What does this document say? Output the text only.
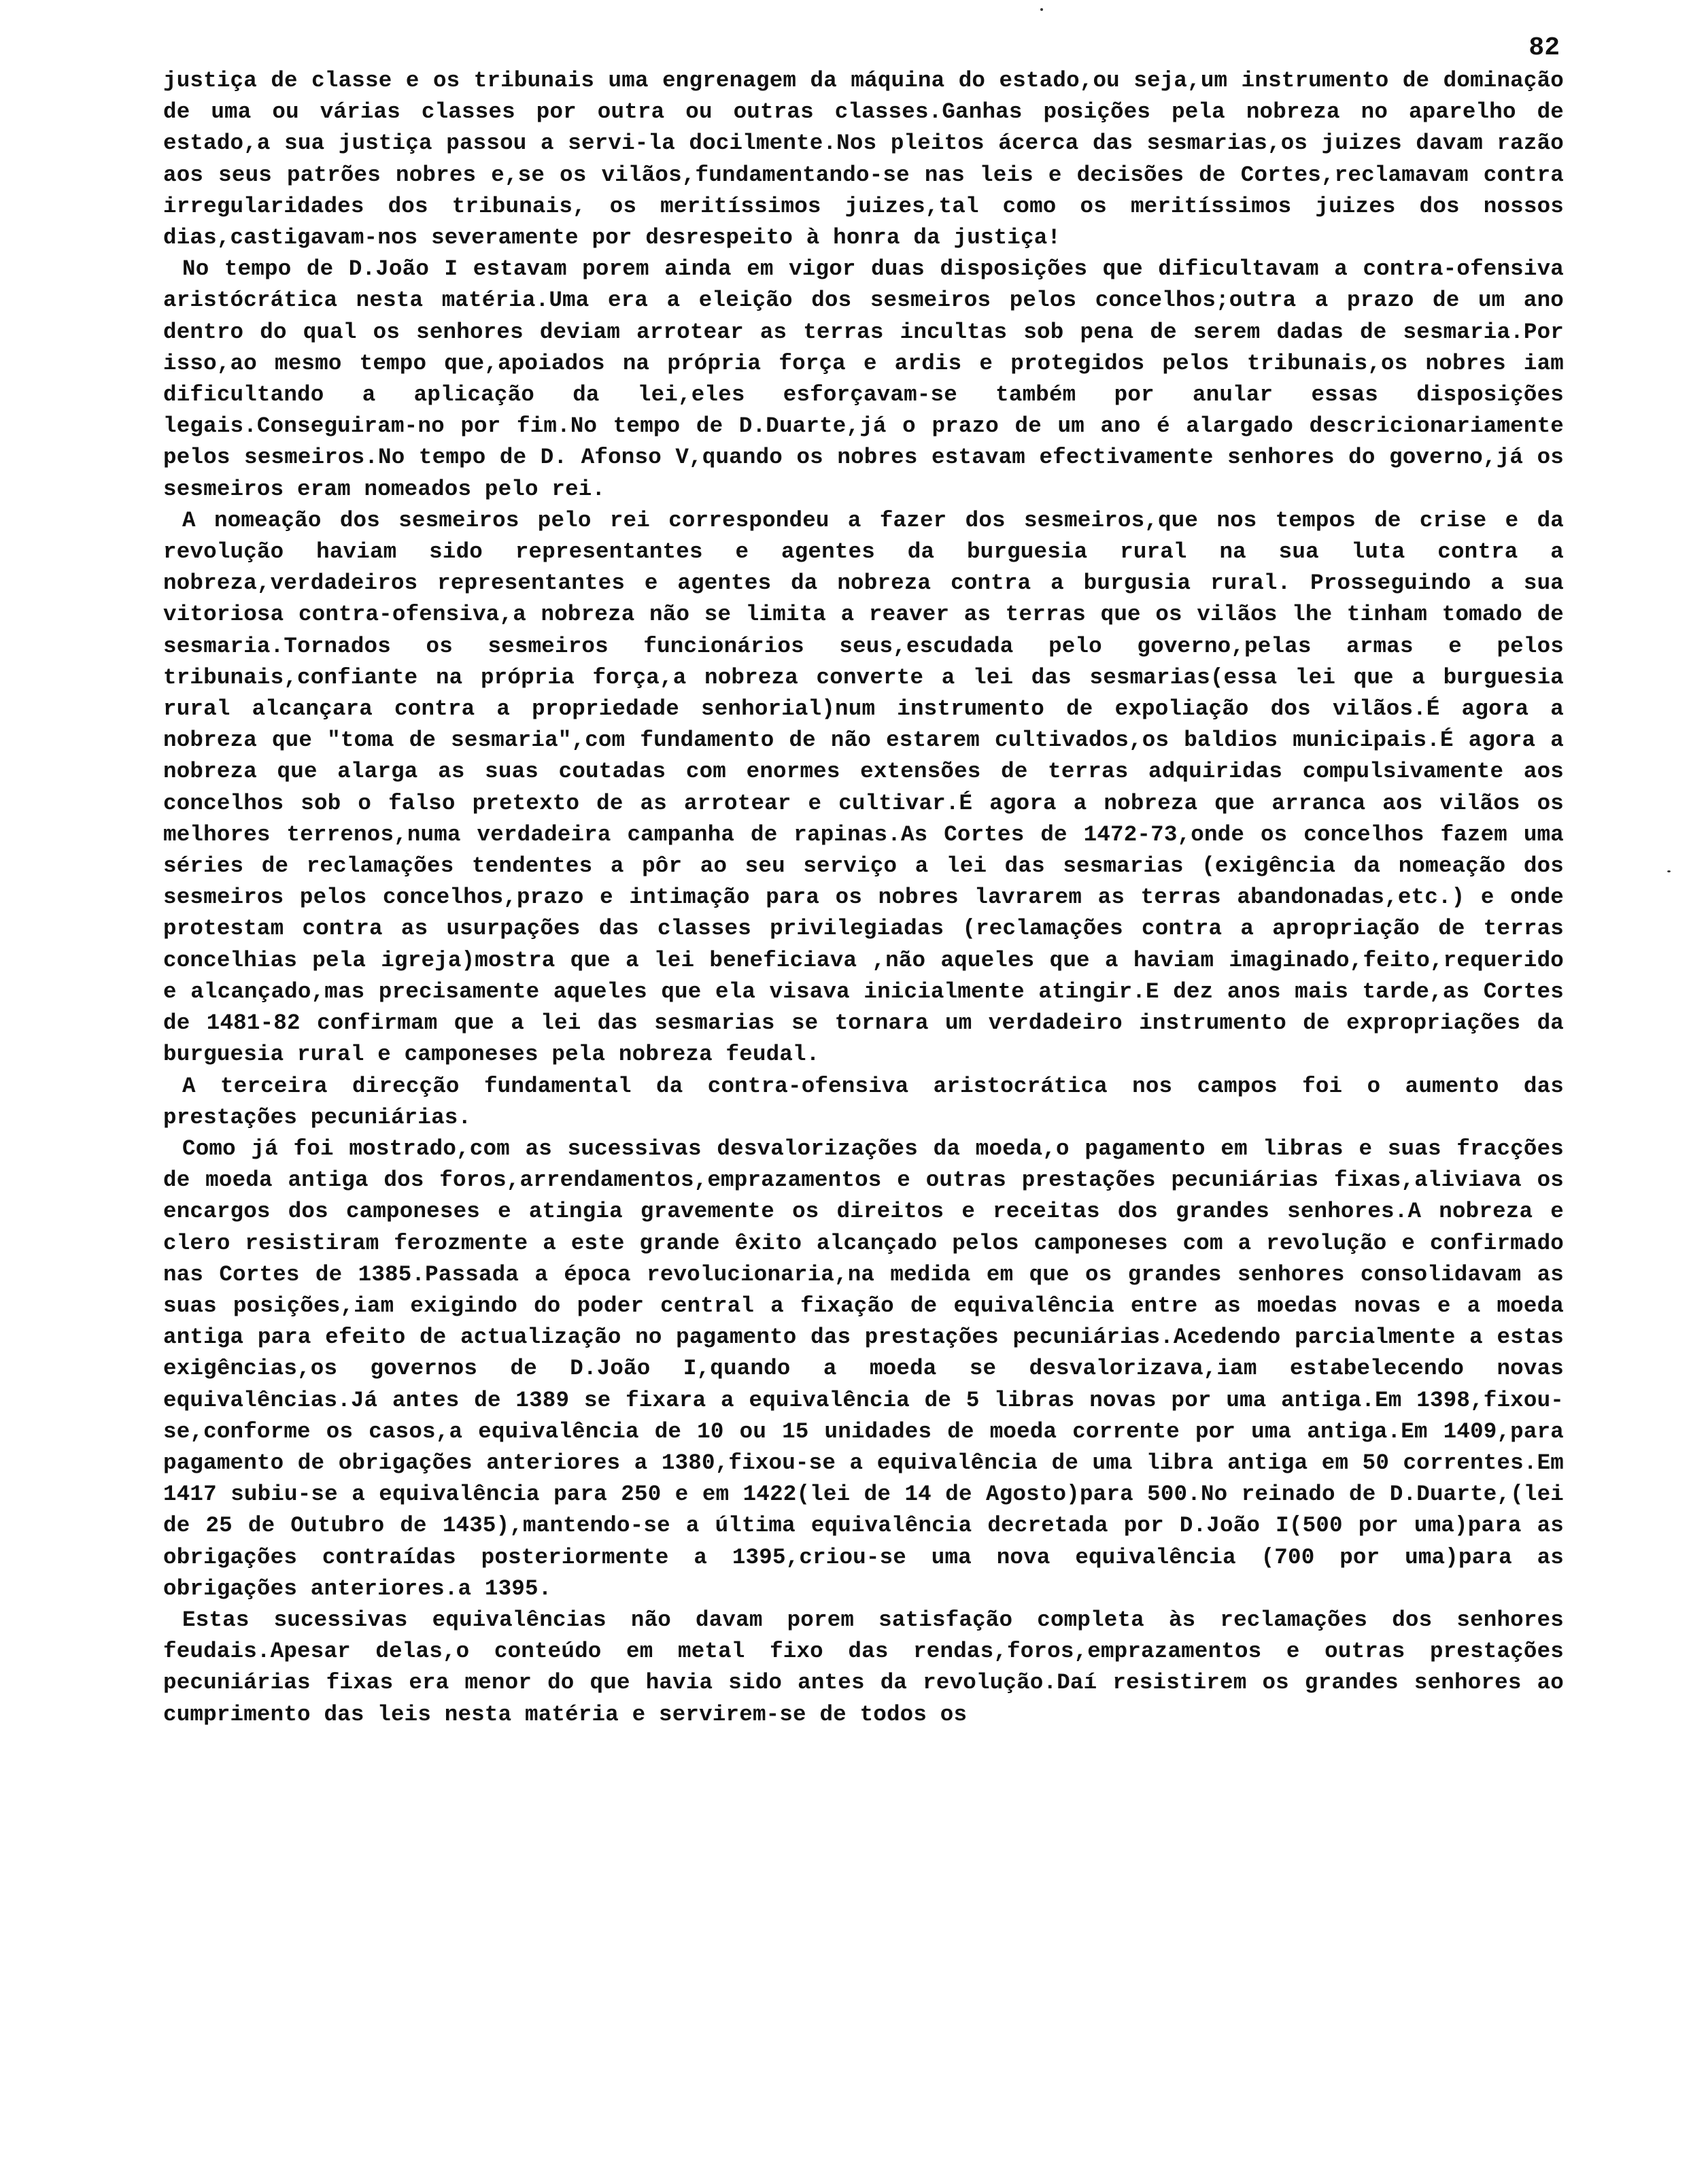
82

justiça de classe e os tribunais uma engrenagem da máquina do estado,ou seja,um instrumento de dominação de uma ou várias classes por outra ou outras classes.Ganhas posições pela nobreza no aparelho de estado,a sua justiça passou a servi-la docilmente.Nos pleitos ácerca das sesmarias,os juizes davam razão aos seus patrões nobres e,se os vilãos,fundamentando-se nas leis e decisões de Cortes,reclamavam contra irregularidades dos tribunais, os meritíssimos juizes,tal como os meritíssimos juizes dos nossos dias,castigavam-nos severamente por desrespeito à honra da justiça!

No tempo de D.João I estavam porem ainda em vigor duas disposições que dificultavam a contra-ofensiva aristócrática nesta matéria.Uma era a eleição dos sesmeiros pelos concelhos;outra a prazo de um ano dentro do qual os senhores deviam arrotear as terras incultas sob pena de serem dadas de sesmaria.Por isso,ao mesmo tempo que,apoiados na própria força e ardis e protegidos pelos tribunais,os nobres iam dificultando a aplicação da lei,eles esforçavam-se também por anular essas disposições legais.Conseguiram-no por fim.No tempo de D.Duarte,já o prazo de um ano é alargado descricionariamente pelos sesmeiros.No tempo de D. Afonso V,quando os nobres estavam efectivamente senhores do governo,já os sesmeiros eram nomeados pelo rei.

A nomeação dos sesmeiros pelo rei correspondeu a fazer dos sesmeiros,que nos tempos de crise e da revolução haviam sido representantes e agentes da burguesia rural na sua luta contra a nobreza,verdadeiros representantes e agentes da nobreza contra a burgusia rural. Prosseguindo a sua vitoriosa contra-ofensiva,a nobreza não se limita a reaver as terras que os vilãos lhe tinham tomado de sesmaria.Tornados os sesmeiros funcionários seus,escudada pelo governo,pelas armas e pelos tribunais,confiante na própria força,a nobreza converte a lei das sesmarias(essa lei que a burguesia rural alcançara contra a propriedade senhorial)num instrumento de expoliação dos vilãos.É agora a nobreza que "toma de sesmaria",com fundamento de não estarem cultivados,os baldios municipais.É agora a nobreza que alarga as suas coutadas com enormes extensões de terras adquiridas compulsivamente aos concelhos sob o falso pretexto de as arrotear e cultivar.É agora a nobreza que arranca aos vilãos os melhores terrenos,numa verdadeira campanha de rapinas.As Cortes de 1472-73,onde os concelhos fazem uma séries de reclamações tendentes a pôr ao seu serviço a lei das sesmarias (exigência da nomeação dos sesmeiros pelos concelhos,prazo e intimação para os nobres lavrarem as terras abandonadas,etc.) e onde protestam contra as usurpações das classes privilegiadas (reclamações contra a apropriação de terras concelhias pela igreja)mostra que a lei beneficiava ,não aqueles que a haviam imaginado,feito,requerido e alcançado,mas precisamente aqueles que ela visava inicialmente atingir.E dez anos mais tarde,as Cortes de 1481-82 confirmam que a lei das sesmarias se tornara um verdadeiro instrumento de expropriações da burguesia rural e camponeses pela nobreza feudal.

A terceira direcção fundamental da contra-ofensiva aristocrática nos campos foi o aumento das prestações pecuniárias.

Como já foi mostrado,com as sucessivas desvalorizações da moeda,o pagamento em libras e suas fracções de moeda antiga dos foros,arrendamentos,emprazamentos e outras prestações pecuniárias fixas,aliviava os encargos dos camponeses e atingia gravemente os direitos e receitas dos grandes senhores.A nobreza e clero resistiram ferozmente a este grande êxito alcançado pelos camponeses com a revolução e confirmado nas Cortes de 1385.Passada a época revolucionaria,na medida em que os grandes senhores consolidavam as suas posições,iam exigindo do poder central a fixação de equivalência entre as moedas novas e a moeda antiga para efeito de actualização no pagamento das prestações pecuniárias.Acedendo parcialmente a estas exigências,os governos de D.João I,quando a moeda se desvalorizava,iam estabelecendo novas equivalências.Já antes de 1389 se fixara a equivalência de 5 libras novas por uma antiga.Em 1398,fixou-se,conforme os casos,a equivalência de 10 ou 15 unidades de moeda corrente por uma antiga.Em 1409,para pagamento de obrigações anteriores a 1380,fixou-se a equivalência de uma libra antiga em 50 correntes.Em 1417 subiu-se a equivalência para 250 e em 1422(lei de 14 de Agosto)para 500.No reinado de D.Duarte,(lei de 25 de Outubro de 1435),mantendo-se a última equivalência decretada por D.João I(500 por uma)para as obrigações contraídas posteriormente a 1395,criou-se uma nova equivalência (700 por uma)para as obrigações anteriores.a 1395.

Estas sucessivas equivalências não davam porem satisfação completa às reclamações dos senhores feudais.Apesar delas,o conteúdo em metal fixo das rendas,foros,emprazamentos e outras prestações pecuniárias fixas era menor do que havia sido antes da revolução.Daí resistirem os grandes senhores ao cumprimento das leis nesta matéria e servirem-se de todos os
